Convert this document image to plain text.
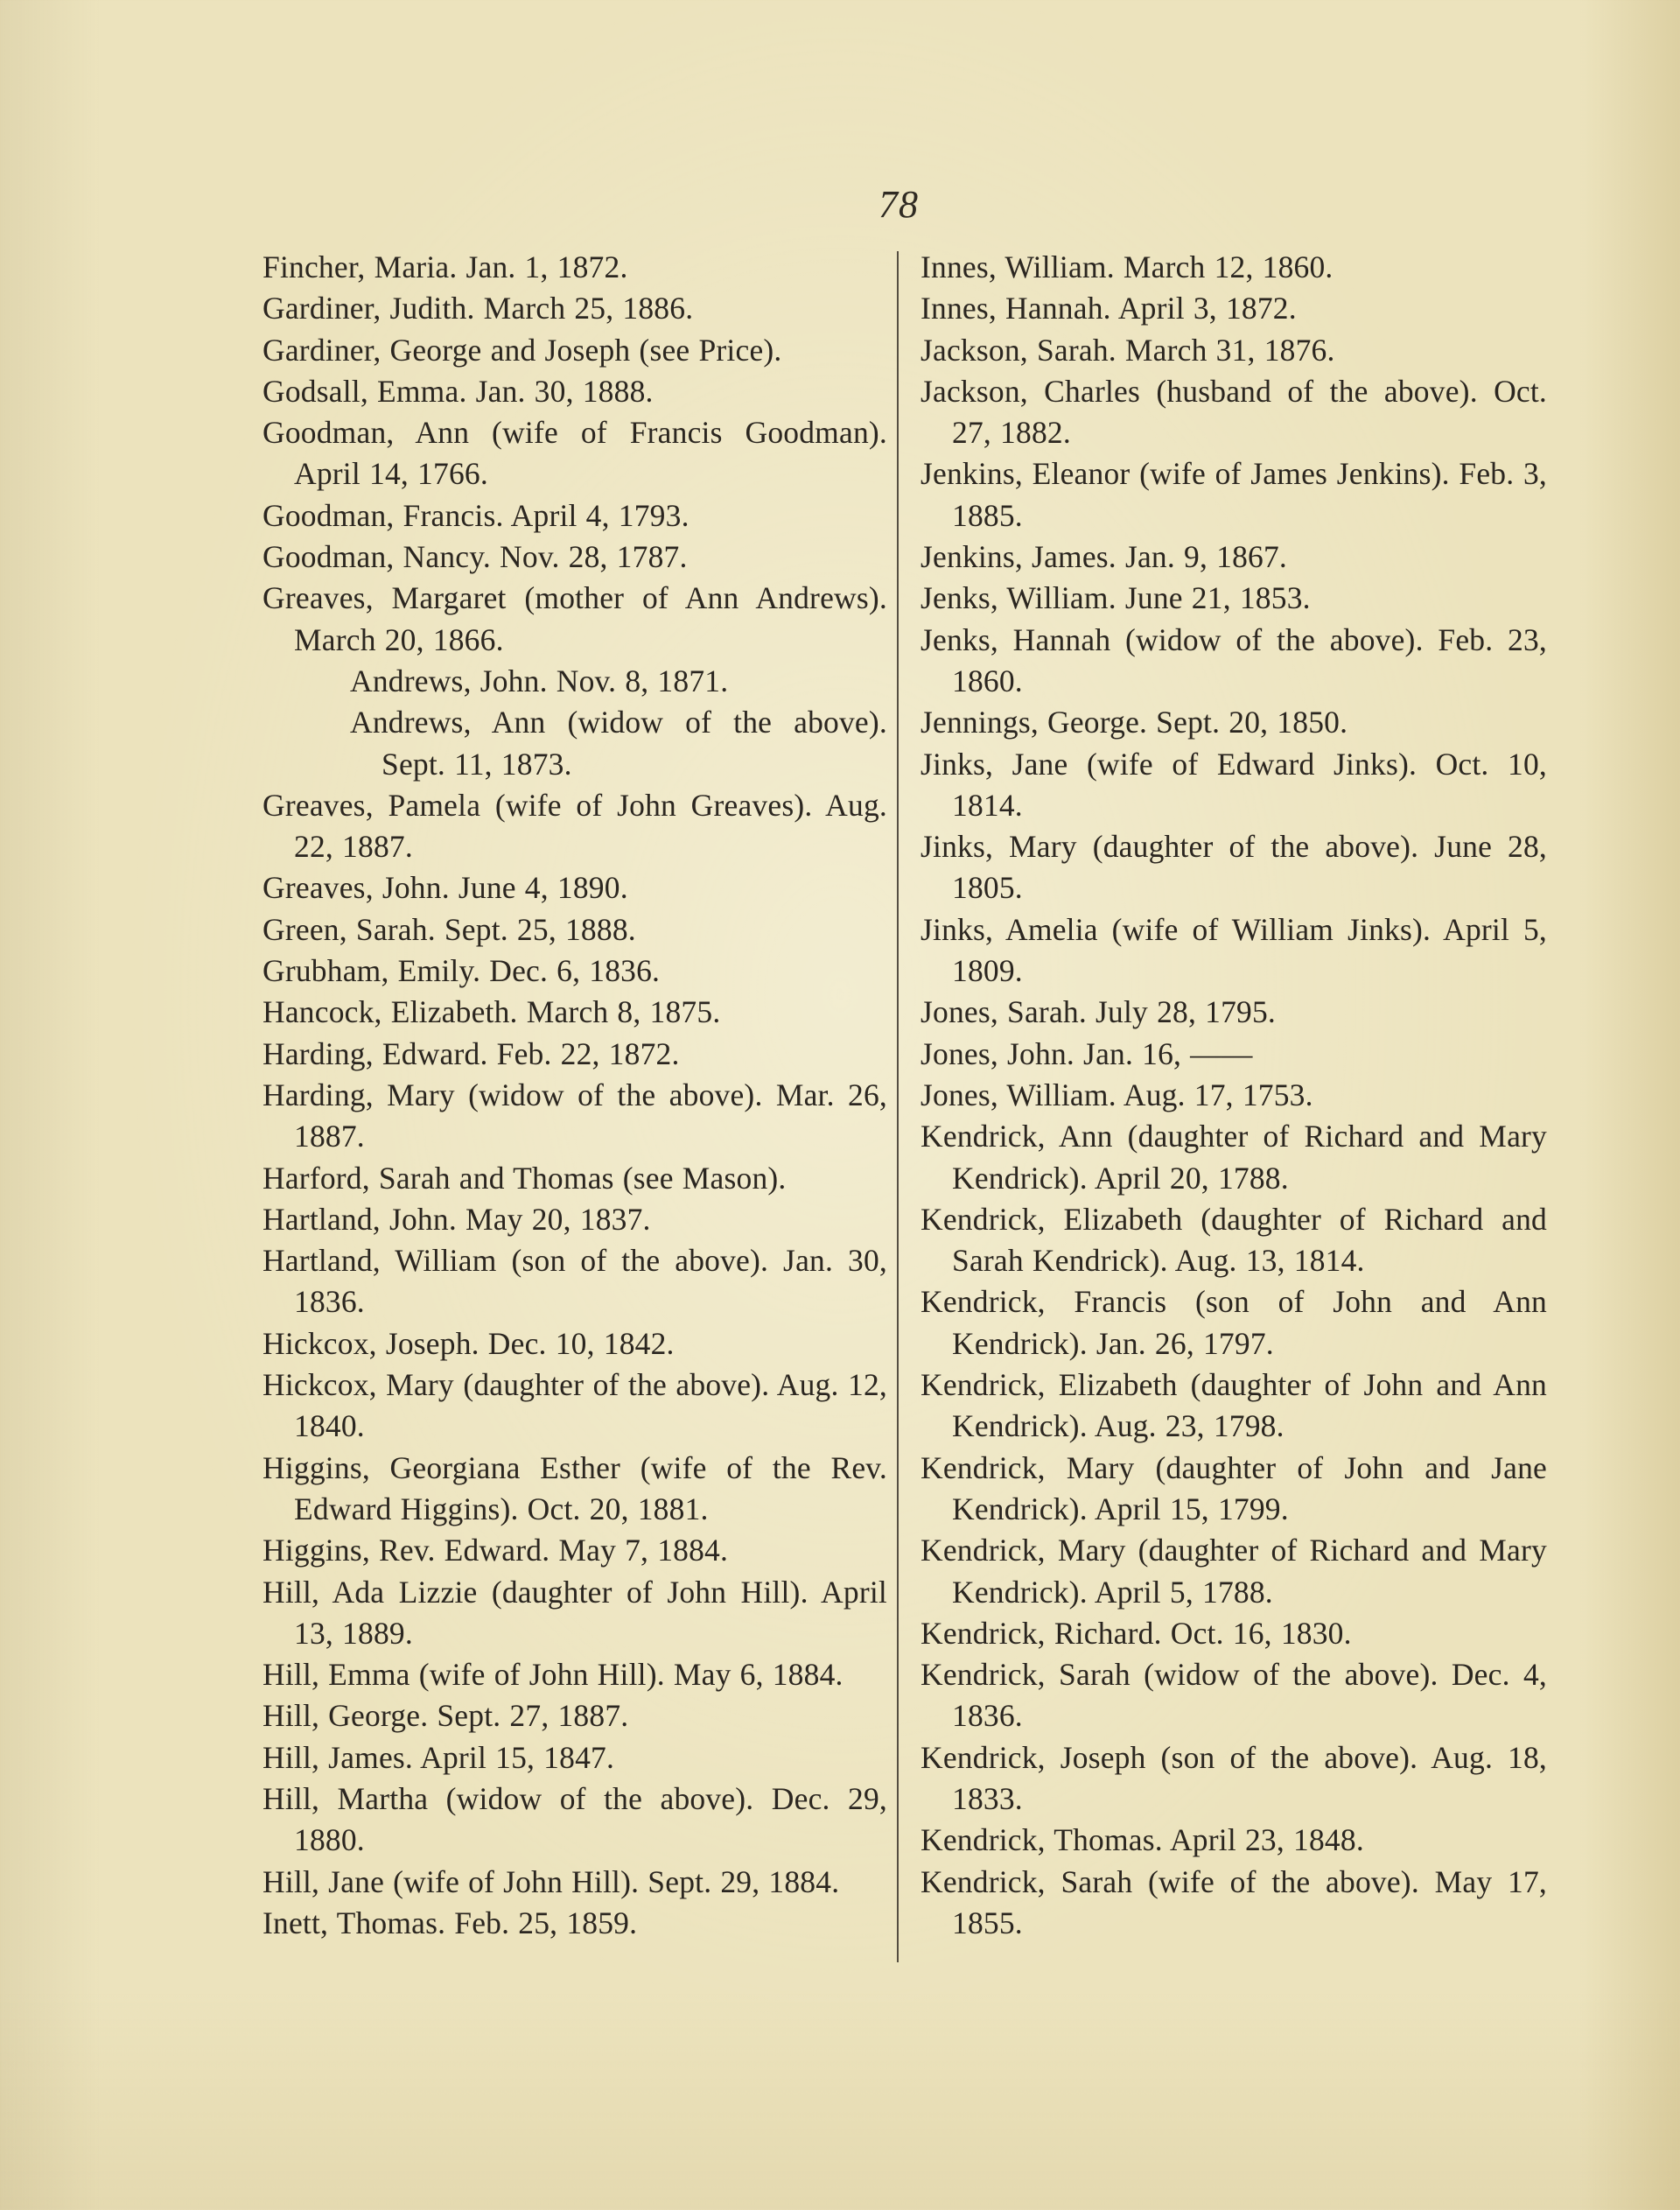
78
Fincher, Maria. Jan. 1, 1872.
Gardiner, Judith. March 25, 1886.
Gardiner, George and Joseph (see Price).
Godsall, Emma. Jan. 30, 1888.
Goodman, Ann (wife of Francis Goodman). April 14, 1766.
Goodman, Francis. April 4, 1793.
Goodman, Nancy. Nov. 28, 1787.
Greaves, Margaret (mother of Ann Andrews). March 20, 1866.
Andrews, John. Nov. 8, 1871.
Andrews, Ann (widow of the above). Sept. 11, 1873.
Greaves, Pamela (wife of John Greaves). Aug. 22, 1887.
Greaves, John. June 4, 1890.
Green, Sarah. Sept. 25, 1888.
Grubham, Emily. Dec. 6, 1836.
Hancock, Elizabeth. March 8, 1875.
Harding, Edward. Feb. 22, 1872.
Harding, Mary (widow of the above). Mar. 26, 1887.
Harford, Sarah and Thomas (see Mason).
Hartland, John. May 20, 1837.
Hartland, William (son of the above). Jan. 30, 1836.
Hickcox, Joseph. Dec. 10, 1842.
Hickcox, Mary (daughter of the above). Aug. 12, 1840.
Higgins, Georgiana Esther (wife of the Rev. Edward Higgins). Oct. 20, 1881.
Higgins, Rev. Edward. May 7, 1884.
Hill, Ada Lizzie (daughter of John Hill). April 13, 1889.
Hill, Emma (wife of John Hill). May 6, 1884.
Hill, George. Sept. 27, 1887.
Hill, James. April 15, 1847.
Hill, Martha (widow of the above). Dec. 29, 1880.
Hill, Jane (wife of John Hill). Sept. 29, 1884.
Inett, Thomas. Feb. 25, 1859.
Innes, William. March 12, 1860.
Innes, Hannah. April 3, 1872.
Jackson, Sarah. March 31, 1876.
Jackson, Charles (husband of the above). Oct. 27, 1882.
Jenkins, Eleanor (wife of James Jenkins). Feb. 3, 1885.
Jenkins, James. Jan. 9, 1867.
Jenks, William. June 21, 1853.
Jenks, Hannah (widow of the above). Feb. 23, 1860.
Jennings, George. Sept. 20, 1850.
Jinks, Jane (wife of Edward Jinks). Oct. 10, 1814.
Jinks, Mary (daughter of the above). June 28, 1805.
Jinks, Amelia (wife of William Jinks). April 5, 1809.
Jones, Sarah. July 28, 1795.
Jones, John. Jan. 16, ——
Jones, William. Aug. 17, 1753.
Kendrick, Ann (daughter of Richard and Mary Kendrick). April 20, 1788.
Kendrick, Elizabeth (daughter of Richard and Sarah Kendrick). Aug. 13, 1814.
Kendrick, Francis (son of John and Ann Kendrick). Jan. 26, 1797.
Kendrick, Elizabeth (daughter of John and Ann Kendrick). Aug. 23, 1798.
Kendrick, Mary (daughter of John and Jane Kendrick). April 15, 1799.
Kendrick, Mary (daughter of Richard and Mary Kendrick). April 5, 1788.
Kendrick, Richard. Oct. 16, 1830.
Kendrick, Sarah (widow of the above). Dec. 4, 1836.
Kendrick, Joseph (son of the above). Aug. 18, 1833.
Kendrick, Thomas. April 23, 1848.
Kendrick, Sarah (wife of the above). May 17, 1855.
